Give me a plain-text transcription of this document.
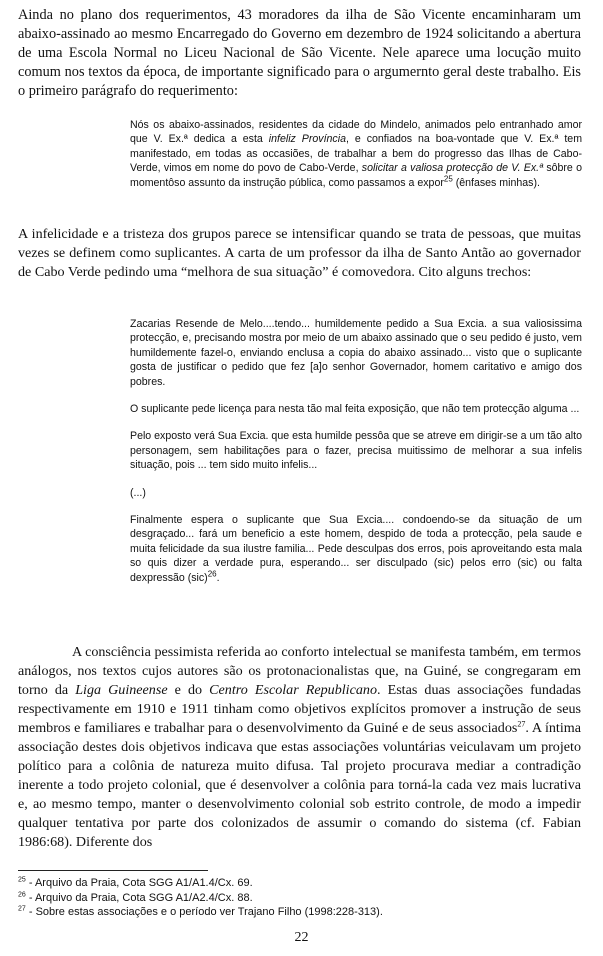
Ainda no plano dos requerimentos, 43 moradores da ilha de São Vicente encaminharam um abaixo-assinado ao mesmo Encarregado do Governo em dezembro de 1924 solicitando a abertura de uma Escola Normal no Liceu Nacional de São Vicente. Nele aparece uma locução muito comum nos textos da época, de importante significado para o argumernto geral deste trabalho. Eis o primeiro parágrafo do requerimento:

Nós os abaixo-assinados, residentes da cidade do Mindelo, animados pelo entranhado amor que V. Ex.ª dedica a esta infeliz Província, e confiados na boa-vontade que V. Ex.ª tem manifestado, em todas as occasiões, de trabalhar a bem do progresso das Ilhas de Cabo-Verde, vimos em nome do povo de Cabo-Verde, solicitar a valiosa protecção de V. Ex.ª sôbre o momentôso assunto da instrução pública, como passamos a expor$^{25}$ (ênfases minhas).

A infelicidade e a tristeza dos grupos parece se intensificar quando se trata de pessoas, que muitas vezes se definem como suplicantes. A carta de um professor da ilha de Santo Antão ao governador de Cabo Verde pedindo uma “melhora de sua situação” é comovedora. Cito alguns trechos:

Zacarias Resende de Melo....tendo... humildemente pedido a Sua Excia. a sua valiosissima protecção, e, precisando mostra por meio de um abaixo assinado que o seu pedido é justo, vem humildemente fazel-o, enviando enclusa a copia do abaixo assinado... visto que o suplicante gosta de justificar o pedido que fez [a]o senhor Governador, homem caritativo e amigo dos pobres.

O suplicante pede licença para nesta tão mal feita exposição, que não tem protecção alguma ...

Pelo exposto verá Sua Excia. que esta humilde pessôa que se atreve em dirigir-se a um tão alto personagem, sem habilitações para o fazer, precisa muitissimo de melhorar a sua infelis situação, pois ... tem sido muito infelis...

(...)

Finalmente espera o suplicante que Sua Excia.... condoendo-se da situação de um desgraçado... fará um beneficio a este homem, despido de toda a protecção, pela saude e muita felicidade da sua ilustre familia... Pede desculpas dos erros, pois aproveitando esta mala so quis dizer a verdade pura, esperando... ser disculpado (sic) pelos erro (sic) ou falta dexpressão (sic)$^{26}$.

A consciência pessimista referida ao conforto intelectual se manifesta também, em termos análogos, nos textos cujos autores são os protonacionalistas que, na Guiné, se congregaram em torno da Liga Guineense e do Centro Escolar Republicano. Estas duas associações fundadas respectivamente em 1910 e 1911 tinham como objetivos explícitos promover a instrução de seus membros e familiares e trabalhar para o desenvolvimento da Guiné e de seus associados$^{27}$. A íntima associação destes dois objetivos indicava que estas associações voluntárias veiculavam um projeto político para a colônia de natureza muito difusa. Tal projeto procurava mediar a contradição inerente a todo projeto colonial, que é desenvolver a colônia para torná-la cada vez mais lucrativa e, ao mesmo tempo, manter o desenvolvimento colonial sob estrito controle, de modo a impedir qualquer tentativa por parte dos colonizados de assumir o comando do sistema (cf. Fabian 1986:68). Diferente dos

$^{25}$ - Arquivo da Praia, Cota SGG A1/A1.4/Cx. 69.
$^{26}$ - Arquivo da Praia, Cota SGG A1/A2.4/Cx. 88.
$^{27}$ - Sobre estas associações e o período ver Trajano Filho (1998:228-313).
22
